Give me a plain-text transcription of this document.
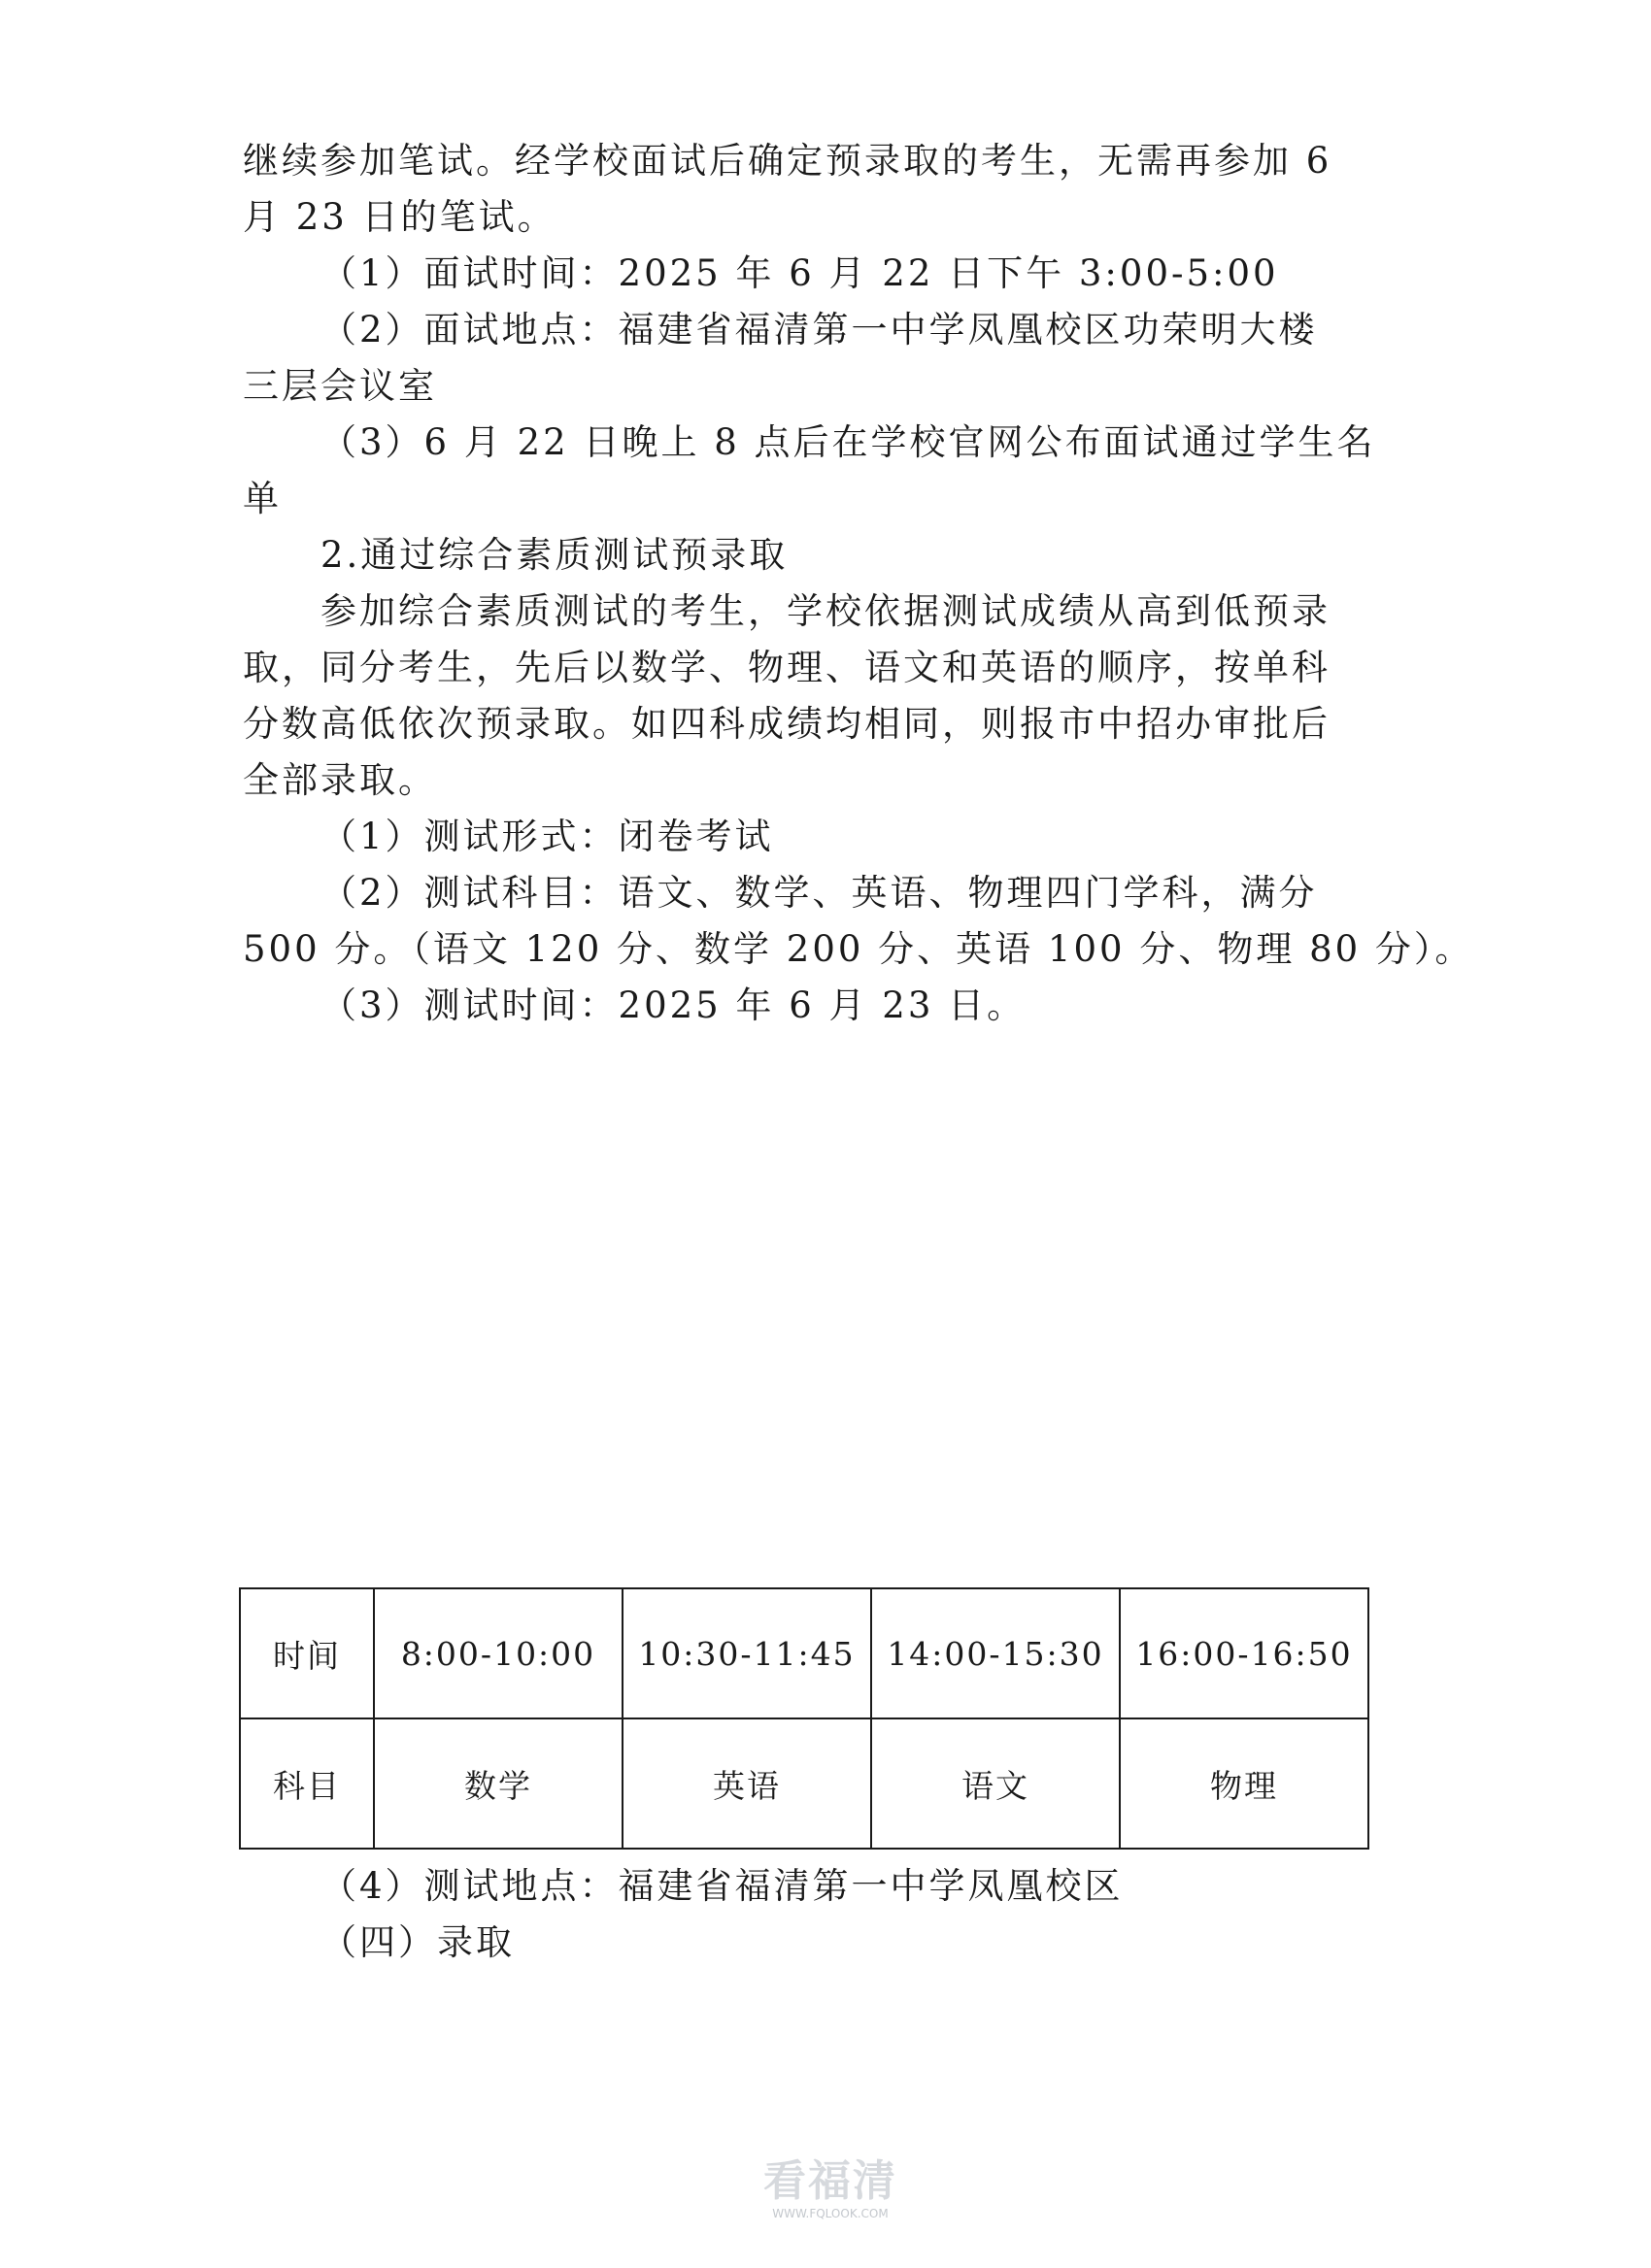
继续参加笔试。经学校面试后确定预录取的考生，无需再参加 6
月 23 日的笔试。
（1）面试时间：2025 年 6 月 22 日下午 3:00-5:00
（2）面试地点：福建省福清第一中学凤凰校区功荣明大楼
三层会议室
（3）6 月 22 日晚上 8 点后在学校官网公布面试通过学生名
单
2.通过综合素质测试预录取
参加综合素质测试的考生，学校依据测试成绩从高到低预录
取，同分考生，先后以数学、物理、语文和英语的顺序，按单科
分数高低依次预录取。如四科成绩均相同，则报市中招办审批后
全部录取。
（1）测试形式：闭卷考试
（2）测试科目：语文、数学、英语、物理四门学科，满分
500 分。（语文 120 分、数学 200 分、英语 100 分、物理 80 分）。
（3）测试时间：2025 年 6 月 23 日。
时间	8:00-10:00	10:30-11:45	14:00-15:30	16:00-16:50
科目	数学	英语	语文	物理
（4）测试地点：福建省福清第一中学凤凰校区
（四）录取
看福清
WWW.FQLOOK.COM
